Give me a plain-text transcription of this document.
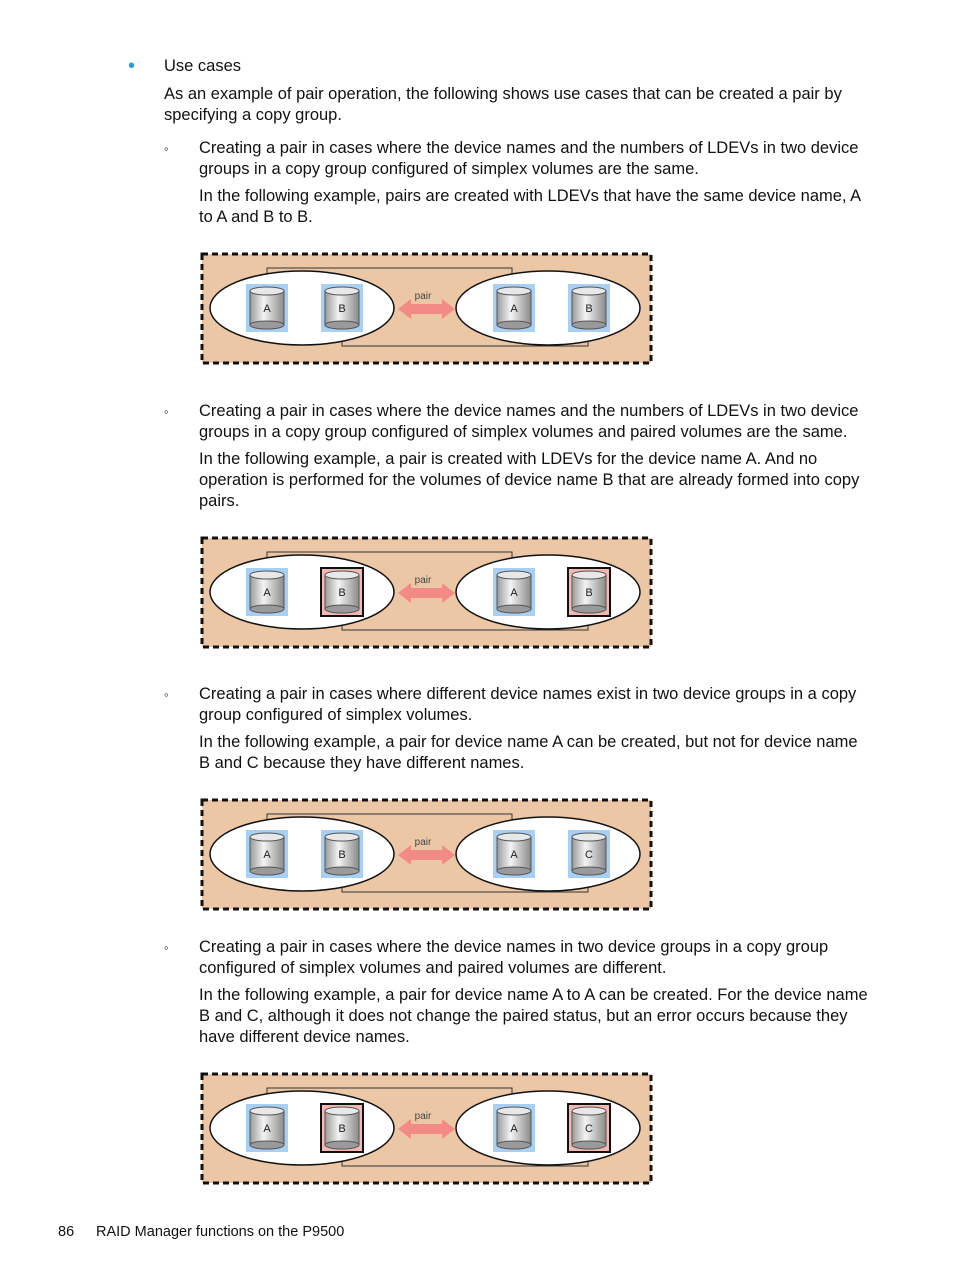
• Use cases

As an example of pair operation, the following shows use cases that can be created a pair by specifying a copy group.

◦ Creating a pair in cases where the device names and the numbers of LDEVs in two device groups in a copy group configured of simplex volumes are the same.

In the following example, pairs are created with LDEVs that have the same device name, A to A and B to B.

pair
A	B	A	B
◦ Creating a pair in cases where the device names and the numbers of LDEVs in two device groups in a copy group configured of simplex volumes and paired volumes are the same.

In the following example, a pair is created with LDEVs for the device name A. And no operation is performed for the volumes of device name B that are already formed into copy pairs.

pair
A	B	A	B
◦ Creating a pair in cases where different device names exist in two device groups in a copy group configured of simplex volumes.

In the following example, a pair for device name A can be created, but not for device name B and C because they have different names.

pair
A	B	A	C
◦ Creating a pair in cases where the device names in two device groups in a copy group configured of simplex volumes and paired volumes are different.

In the following example, a pair for device name A to A can be created. For the device name B and C, although it does not change the paired status, but an error occurs because they have different device names.

pair
A	B	A	C
86 RAID Manager functions on the P9500
